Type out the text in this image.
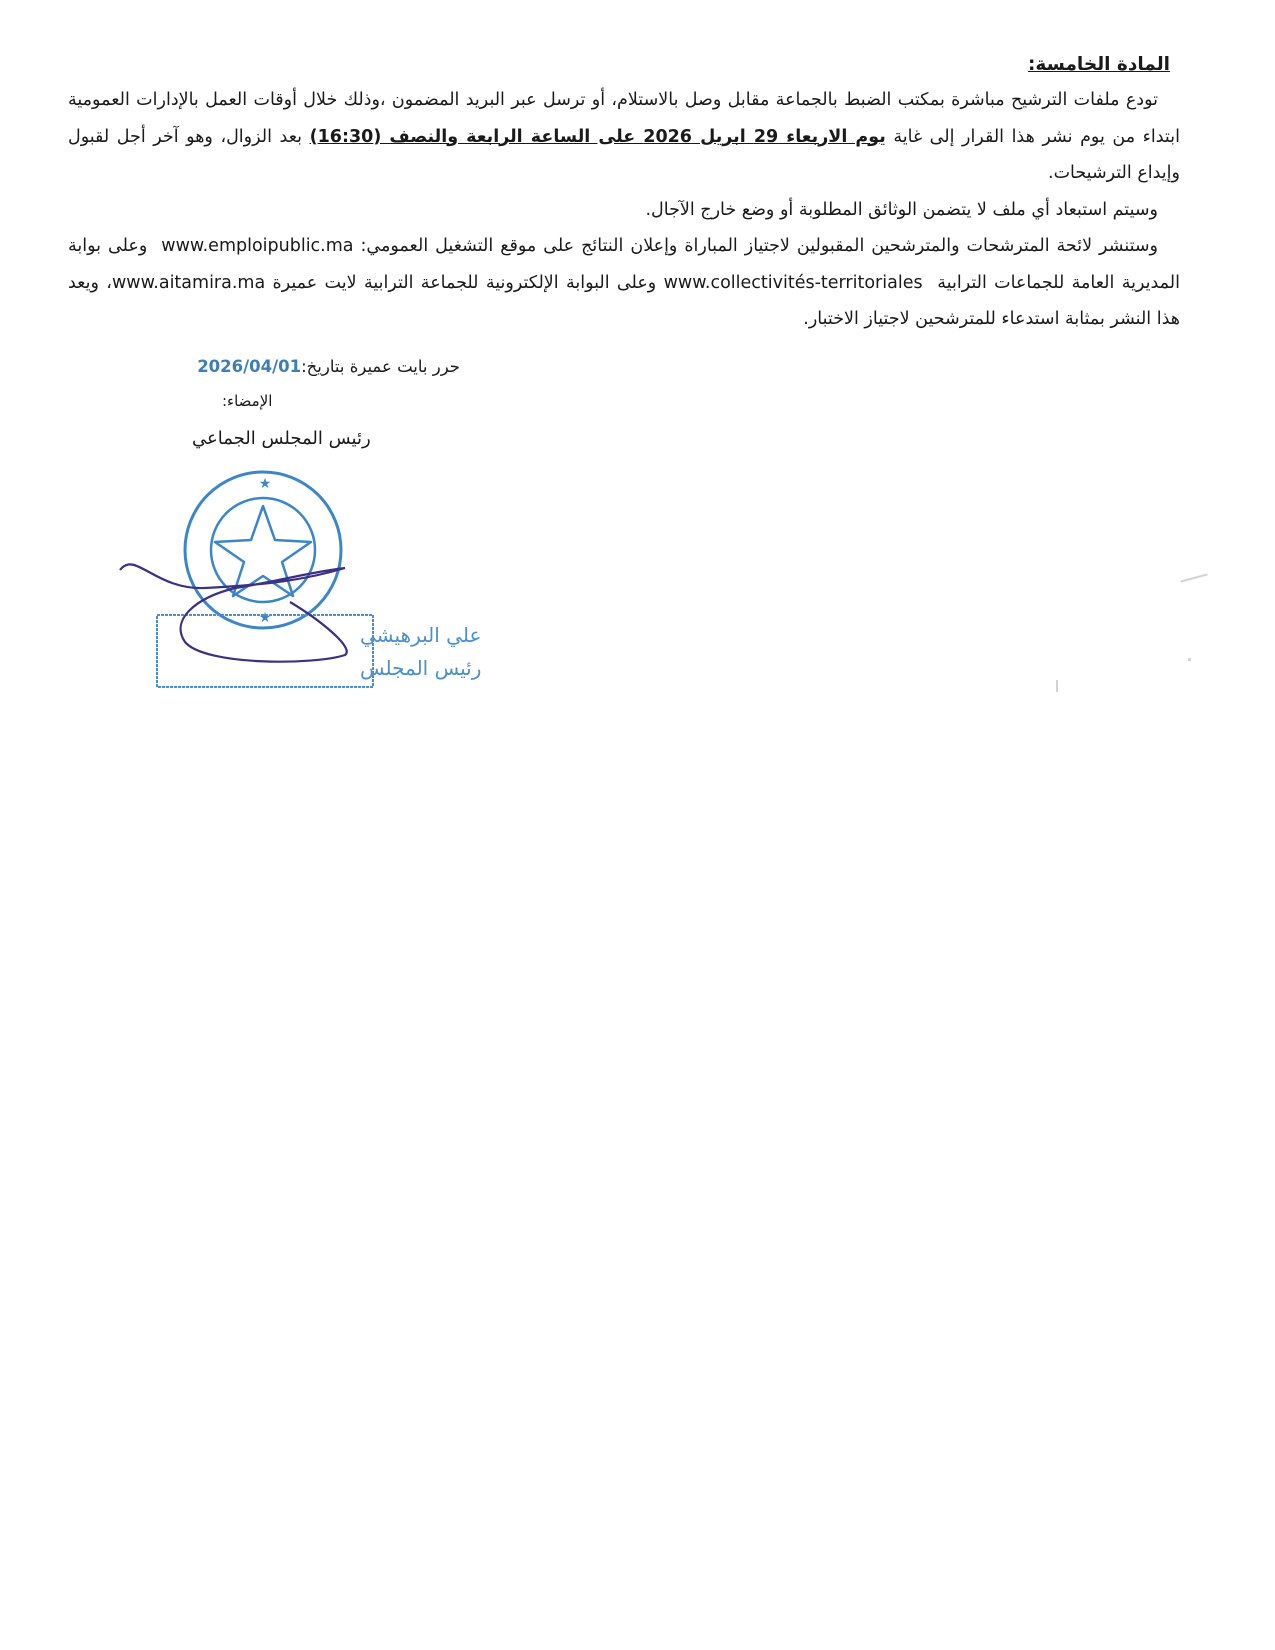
المادة الخامسة:

تودع ملفات الترشيح مباشرة بمكتب الضبط بالجماعة مقابل وصل بالاستلام، أو ترسل عبر البريد المضمون ،وذلك خلال أوقات العمل بالإدارات العمومية ابتداء من يوم نشر هذا القرار إلى غاية يوم الاربعاء 29 ابريل 2026 على الساعة الرابعة والنصف (16:30) بعد الزوال، وهو آخر أجل لقبول وإيداع الترشيحات.

وسيتم استبعاد أي ملف لا يتضمن الوثائق المطلوبة أو وضع خارج الآجال.

وستنشر لائحة المترشحات والمترشحين المقبولين لاجتياز المباراة وإعلان النتائج على موقع التشغيل العمومي: www.emploipublic.ma  وعلى بوابة المديرية العامة للجماعات الترابية  www.collectivités-territoriales وعلى البوابة الإلكترونية للجماعة الترابية لايت عميرة www.aitamira.ma، ويعد هذا النشر بمثابة استدعاء للمترشحين لاجتياز الاختبار.

حرر بايت عميرة بتاريخ:2026/04/01
الإمضاء:
رئيس المجلس الجماعي
★
★
علي البرهيشي
رئيس المجلس
